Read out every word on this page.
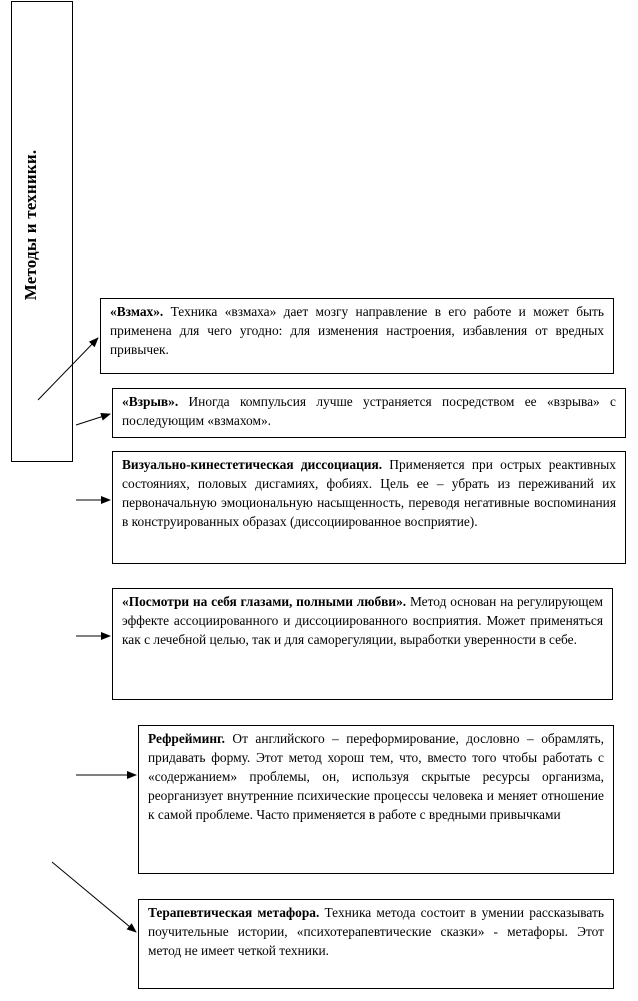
Методы и техники.
«Взмах». Техника «взмаха» дает мозгу направление в его работе и может быть применена для чего угодно: для изменения настроения, избавления от вредных привычек.
«Взрыв». Иногда компульсия лучше устраняется посредством ее «взрыва» с последующим «взмахом».
Визуально-кинестетическая диссоциация. Применяется при острых реактивных состояниях, половых дисгамиях, фобиях. Цель ее – убрать из переживаний их первоначальную эмоциональную насыщенность, переводя негативные воспоминания в конструированных образах (диссоциированное восприятие).
«Посмотри на себя глазами, полными любви». Метод основан на регулирующем эффекте ассоциированного и диссоциированного восприятия. Может применяться как с лечебной целью, так и для саморегуляции, выработки уверенности в себе.
Рефрейминг. От английского – переформирование, дословно – обрамлять, придавать форму. Этот метод хорош тем, что, вместо того чтобы работать с «содержанием» проблемы, он, используя скрытые ресурсы организма, реорганизует внутренние психические процессы человека и меняет отношение к самой проблеме. Часто применяется в работе с вредными привычками
Терапевтическая метафора. Техника метода состоит в умении рассказывать поучительные истории, «психотерапевтические сказки» - метафоры. Этот метод не имеет четкой техники.
